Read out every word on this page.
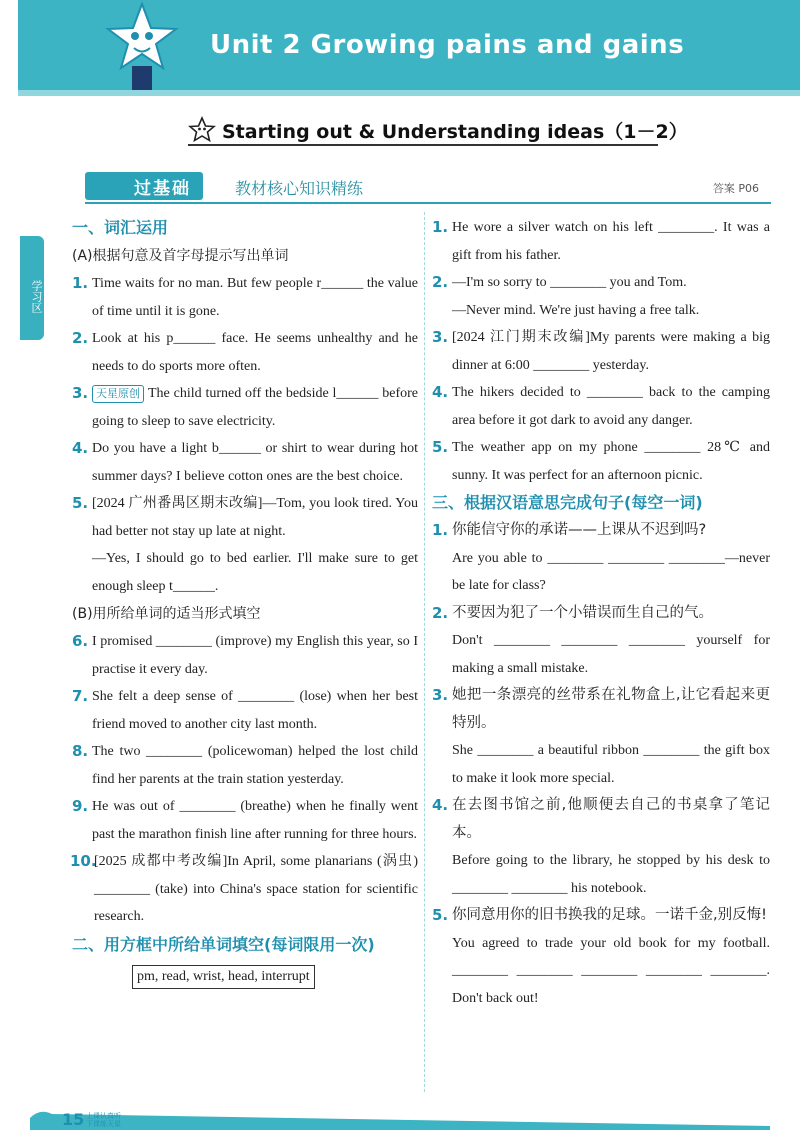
Unit 2 Growing pains and gains
Starting out & Understanding ideas（1－2）
过基础	教材核心知识精练	答案 P06
学习区
一、词汇运用
(A)根据句意及首字母提示写出单词
1. Time waits for no man. But few people r______ the value of time until it is gone.
2. Look at his p______ face. He seems unhealthy and he needs to do sports more often.
3. 天星原创 The child turned off the bedside l______ before going to sleep to save electricity.
4. Do you have a light b______ or shirt to wear during hot summer days? I believe cotton ones are the best choice.
5. [2024 广州番禺区期末改编]—Tom, you look tired. You had better not stay up late at night.
—Yes, I should go to bed earlier. I'll make sure to get enough sleep t______.
(B)用所给单词的适当形式填空
6. I promised ________ (improve) my English this year, so I practise it every day.
7. She felt a deep sense of ________ (lose) when her best friend moved to another city last month.
8. The two ________ (policewoman) helped the lost child find her parents at the train station yesterday.
9. He was out of ________ (breathe) when he finally went past the marathon finish line after running for three hours.
10.
[2025 成都中考改编]In April, some planarians (涡虫) ________ (take) into China's space station for scientific research.
二、用方框中所给单词填空(每词限用一次)
pm, read, wrist, head, interrupt
1. He wore a silver watch on his left ________. It was a gift from his father.
2. —I'm so sorry to ________ you and Tom.
—Never mind. We're just having a free talk.
3. [2024 江门期末改编]My parents were making a big dinner at 6:00 ________ yesterday.
4. The hikers decided to ________ back to the camping area before it got dark to avoid any danger.
5. The weather app on my phone ________ 28℃ and sunny. It was perfect for an afternoon picnic.
三、根据汉语意思完成句子(每空一词)
1. 你能信守你的承诺——上课从不迟到吗?
Are you able to ________ ________ ________—never be late for class?
2. 不要因为犯了一个小错误而生自己的气。
Don't ________ ________ ________ yourself for making a small mistake.
3. 她把一条漂亮的丝带系在礼物盒上,让它看起来更特别。
She ________ a beautiful ribbon ________ the gift box to make it look more special.
4. 在去图书馆之前,他顺便去自己的书桌拿了笔记本。
Before going to the library, he stopped by his desk to ________ ________ his notebook.
5. 你同意用你的旧书换我的足球。一诺千金,别反悔!
You agreed to trade your old book for my football. ________ ________ ________ ________ ________. Don't back out!
15 上课认真听
下课练天星
